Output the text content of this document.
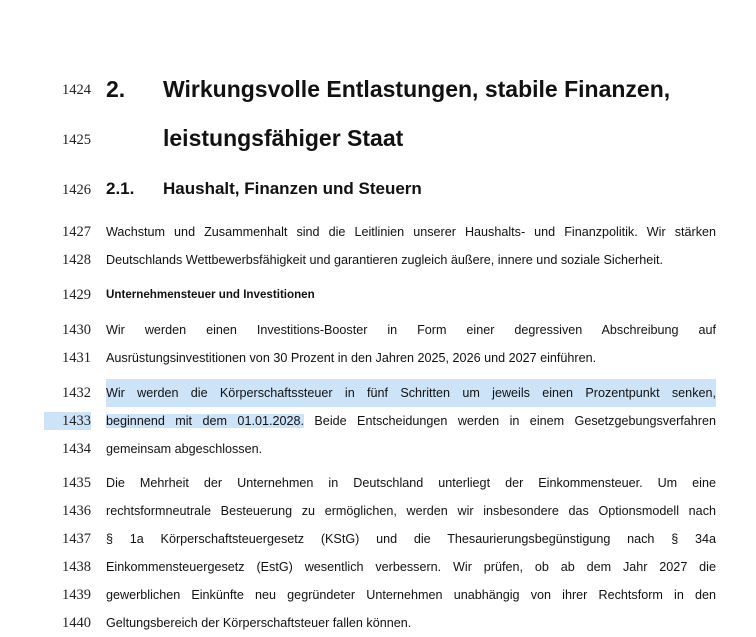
1424
1425
1426
1427
1428
1429
1430
1431
1432
1433
1434
1435
1436
1437
1438
1439
1440
2. Wirkungsvolle Entlastungen, stabile Finanzen,
leistungsfähiger Staat
2.1. Haushalt, Finanzen und Steuern
Wachstum und Zusammenhalt sind die Leitlinien unserer Haushalts- und Finanzpolitik. Wir stärken
Deutschlands Wettbewerbsfähigkeit und garantieren zugleich äußere, innere und soziale Sicherheit.
Unternehmensteuer und Investitionen
Wir werden einen Investitions-Booster in Form einer degressiven Abschreibung auf
Ausrüstungsinvestitionen von 30 Prozent in den Jahren 2025, 2026 und 2027 einführen.
Wir werden die Körperschaftssteuer in fünf Schritten um jeweils einen Prozentpunkt senken,
beginnend mit dem 01.01.2028. Beide Entscheidungen werden in einem Gesetzgebungsverfahren
gemeinsam abgeschlossen.
Die Mehrheit der Unternehmen in Deutschland unterliegt der Einkommensteuer. Um eine
rechtsformneutrale Besteuerung zu ermöglichen, werden wir insbesondere das Optionsmodell nach
§ 1a Körperschaftsteuergesetz (KStG) und die Thesaurierungsbegünstigung nach § 34a
Einkommensteuergesetz (EstG) wesentlich verbessern. Wir prüfen, ob ab dem Jahr 2027 die
gewerblichen Einkünfte neu gegründeter Unternehmen unabhängig von ihrer Rechtsform in den
Geltungsbereich der Körperschaftsteuer fallen können.
